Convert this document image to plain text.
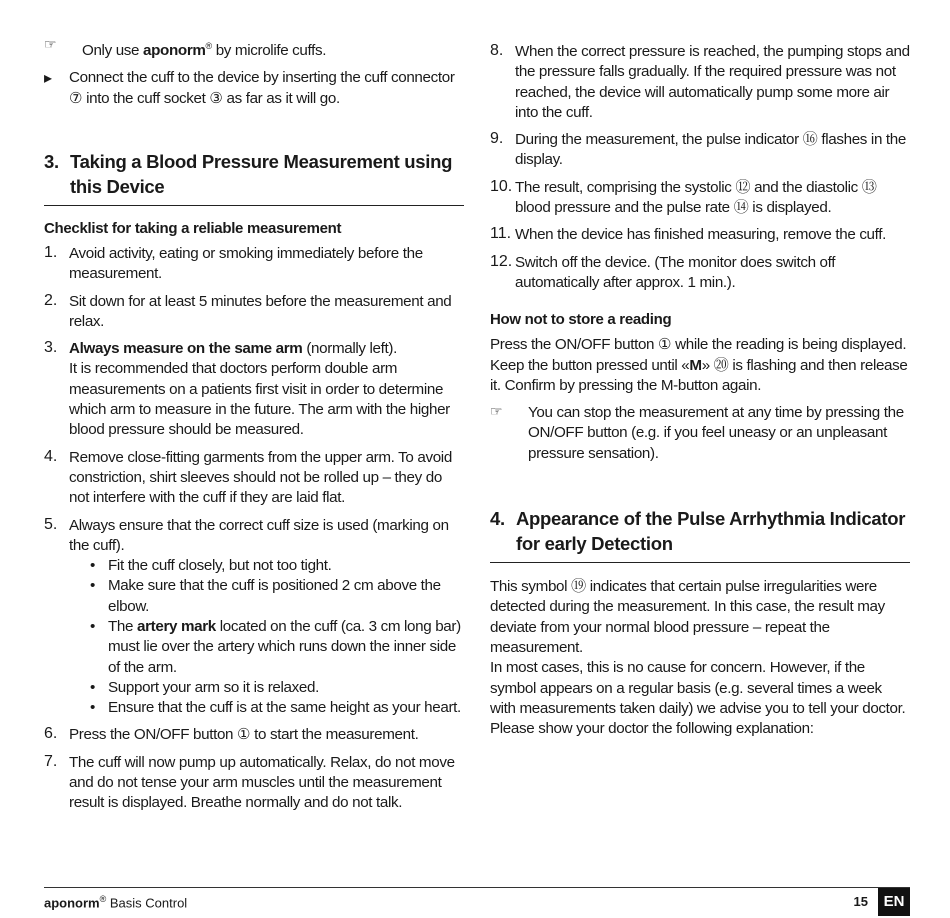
☞	Only use aponorm® by microlife cuffs.

▸	Connect the cuff to the device by inserting the cuff connector ⑦ into the cuff socket ③ as far as it will go.

3. Taking a Blood Pressure Measurement using this Device
Checklist for taking a reliable measurement
1. Avoid activity, eating or smoking immediately before the measurement.

2. Sit down for at least 5 minutes before the measurement and relax.

3. Always measure on the same arm (normally left).

It is recommended that doctors perform double arm measurements on a patients first visit in order to determine which arm to measure in the future. The arm with the higher blood pressure should be measured.

4. Remove close-fitting garments from the upper arm. To avoid constriction, shirt sleeves should not be rolled up – they do not interfere with the cuff if they are laid flat.

5. Always ensure that the correct cuff size is used (marking on the cuff).

• Fit the cuff closely, but not too tight.
• Make sure that the cuff is positioned 2 cm above the elbow.
• The artery mark located on the cuff (ca. 3 cm long bar) must lie over the artery which runs down the inner side of the arm.
• Support your arm so it is relaxed.
• Ensure that the cuff is at the same height as your heart.
6. Press the ON/OFF button ① to start the measurement.

7. The cuff will now pump up automatically. Relax, do not move and do not tense your arm muscles until the measurement result is displayed. Breathe normally and do not talk.

8. When the correct pressure is reached, the pumping stops and the pressure falls gradually. If the required pressure was not reached, the device will automatically pump some more air into the cuff.

9. During the measurement, the pulse indicator ⑯ flashes in the display.

10. The result, comprising the systolic ⑫ and the diastolic ⑬ blood pressure and the pulse rate ⑭ is displayed.

11. When the device has finished measuring, remove the cuff.

12. Switch off the device. (The monitor does switch off automatically after approx. 1 min.).

How not to store a reading

Press the ON/OFF button ① while the reading is being displayed. Keep the button pressed until «M» ⑳ is flashing and then release it. Confirm by pressing the M-button again.

☞	You can stop the measurement at any time by pressing the ON/OFF button (e.g. if you feel uneasy or an unpleasant pressure sensation).

4. Appearance of the Pulse Arrhythmia Indicator for early Detection

This symbol ⑲ indicates that certain pulse irregularities were detected during the measurement. In this case, the result may deviate from your normal blood pressure – repeat the measurement.

In most cases, this is no cause for concern. However, if the symbol appears on a regular basis (e.g. several times a week with measurements taken daily) we advise you to tell your doctor.

Please show your doctor the following explanation:

aponorm® Basis Control	15	EN
